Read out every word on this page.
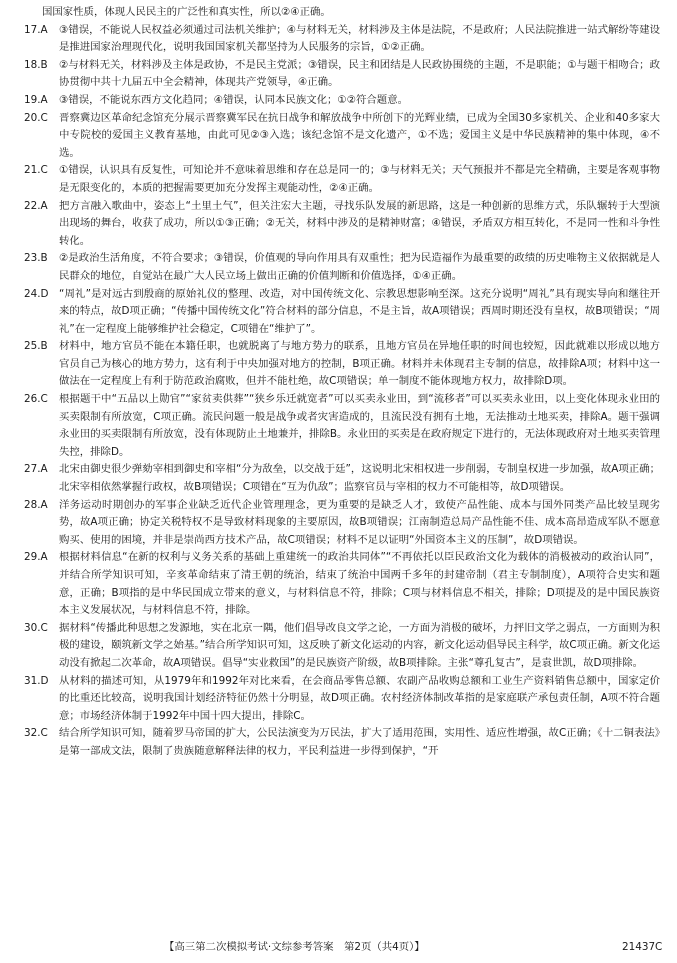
国国家性质，体现人民民主的广泛性和真实性，所以②④正确。

17.A	③错误，不能说人民权益必须通过司法机关维护；④与材料无关，材料涉及主体是法院，不是政府；人民法院推进一站式解纷等建设是推进国家治理现代化，说明我国国家机关都坚持为人民服务的宗旨，①②正确。
18.B	②与材料无关，材料涉及主体是政协，不是民主党派；③错误，民主和团结是人民政协围绕的主题，不是职能；①与题干相吻合；政协贯彻中共十九届五中全会精神，体现共产党领导，④正确。
19.A	③错误，不能说东西方文化趋同；④错误，认同本民族文化；①②符合题意。
20.C	晋察冀边区革命纪念馆充分展示晋察冀军民在抗日战争和解放战争中所创下的光辉业绩，已成为全国30多家机关、企业和40多家大中专院校的爱国主义教育基地，由此可见②③入选；该纪念馆不是文化遗产，①不选；爱国主义是中华民族精神的集中体现，④不选。
21.C	①错误，认识具有反复性，可知论并不意味着思维和存在总是同一的；③与材料无关；天气预报并不都是完全精确，主要是客观事物是无限变化的，本质的把握需要更加充分发挥主观能动性，②④正确。
22.A	把方言融入歌曲中，姿态上“土里土气”，但关注宏大主题，寻找乐队发展的新思路，这是一种创新的思维方式，乐队辗转于大型演出现场的舞台，收获了成功，所以①③正确；②无关，材料中涉及的是精神财富；④错误，矛盾双方相互转化，不是同一性和斗争性转化。
23.B	②是政治生活角度，不符合要求；③错误，价值观的导向作用具有双重性；把为民造福作为最重要的政绩的历史唯物主义依据就是人民群众的地位，自觉站在最广大人民立场上做出正确的价值判断和价值选择，①④正确。
24.D	“周礼”是对远古到殷商的原始礼仪的整理、改造，对中国传统文化、宗教思想影响至深。这充分说明“周礼”具有现实导向和继往开来的特点，故D项正确；“传播中国传统文化”符合材料的部分信息，不是主旨，故A项错误；西周时期还没有皇权，故B项错误；“周礼”在一定程度上能够维护社会稳定，C项错在“维护了”。
25.B	材料中，地方官员不能在本籍任职，也就脱离了与地方势力的联系，且地方官员在异地任职的时间也较短，因此就难以形成以地方官员自己为核心的地方势力，这有利于中央加强对地方的控制，B项正确。材料并未体现君主专制的信息，故排除A项；材料中这一做法在一定程度上有利于防范政治腐败，但并不能杜绝，故C项错误；单一制度不能体现地方权力，故排除D项。
26.C	根据题干中“五品以上勋官”“家贫卖供葬”“狭乡乐迁就宽者”可以买卖永业田，到“流移者”可以买卖永业田，以上变化体现永业田的买卖限制有所放宽，C项正确。流民问题一般是战争或者灾害造成的，且流民没有拥有土地，无法推动土地买卖，排除A。题干强调永业田的买卖限制有所放宽，没有体现防止土地兼并，排除B。永业田的买卖是在政府规定下进行的，无法体现政府对土地买卖管理失控，排除D。
27.A	北宋由御史很少弹劾宰相到御史和宰相“分为敌垒，以交战于廷”，这说明北宋相权进一步削弱，专制皇权进一步加强，故A项正确；北宋宰相依然掌握行政权，故B项错误；C项错在“互为仇敌”；监察官员与宰相的权力不可能相等，故D项错误。
28.A	洋务运动时期创办的军事企业缺乏近代企业管理理念，更为重要的是缺乏人才，致使产品性能、成本与国外同类产品比较呈现劣势，故A项正确；协定关税特权不是导致材料现象的主要原因，故B项错误；江南制造总局产品性能不佳、成本高昂造成军队不愿意购买、使用的困境，并非是崇尚西方技术产品，故C项错误；材料不足以证明“外国资本主义的压制”，故D项错误。
29.A	根据材料信息“在新的权利与义务关系的基础上重建统一的政治共同体”“不再依托以臣民政治文化为载体的消极被动的政治认同”，并结合所学知识可知，辛亥革命结束了清王朝的统治，结束了统治中国两千多年的封建帝制（君主专制制度），A项符合史实和题意，正确；B项指的是中华民国成立带来的意义，与材料信息不符，排除；C项与材料信息不相关，排除；D项提及的是中国民族资本主义发展状况，与材料信息不符，排除。
30.C	据材料“传播此种思想之发源地，实在北京一隅，他们倡导改良文学之论，一方面为消极的破坏，力抨旧文学之弱点，一方面则为积极的建设，颐筑新文学之始基。”结合所学知识可知，这反映了新文化运动的内容，新文化运动倡导民主科学，故C项正确。新文化运动没有掀起二次革命，故A项错误。倡导“实业救国”的是民族资产阶级，故B项排除。主张“尊孔复古”，是袁世凯，故D项排除。
31.D	从材料的描述可知，从1979年和1992年对比来看，在会商品零售总额、农副产品收购总额和工业生产资料销售总额中，国家定价的比重还比较高，说明我国计划经济特征仍然十分明显，故D项正确。农村经济体制改革指的是家庭联产承包责任制，A项不符合题意；市场经济体制于1992年中国十四大提出，排除C。
32.C	结合所学知识可知，随着罗马帝国的扩大，公民法演变为万民法，扩大了适用范围，实用性、适应性增强，故C正确；《十二铜表法》是第一部成文法，限制了贵族随意解释法律的权力，平民利益进一步得到保护，“开
【高三第二次模拟考试·文综参考答案　第2页（共4页）】	21437C
